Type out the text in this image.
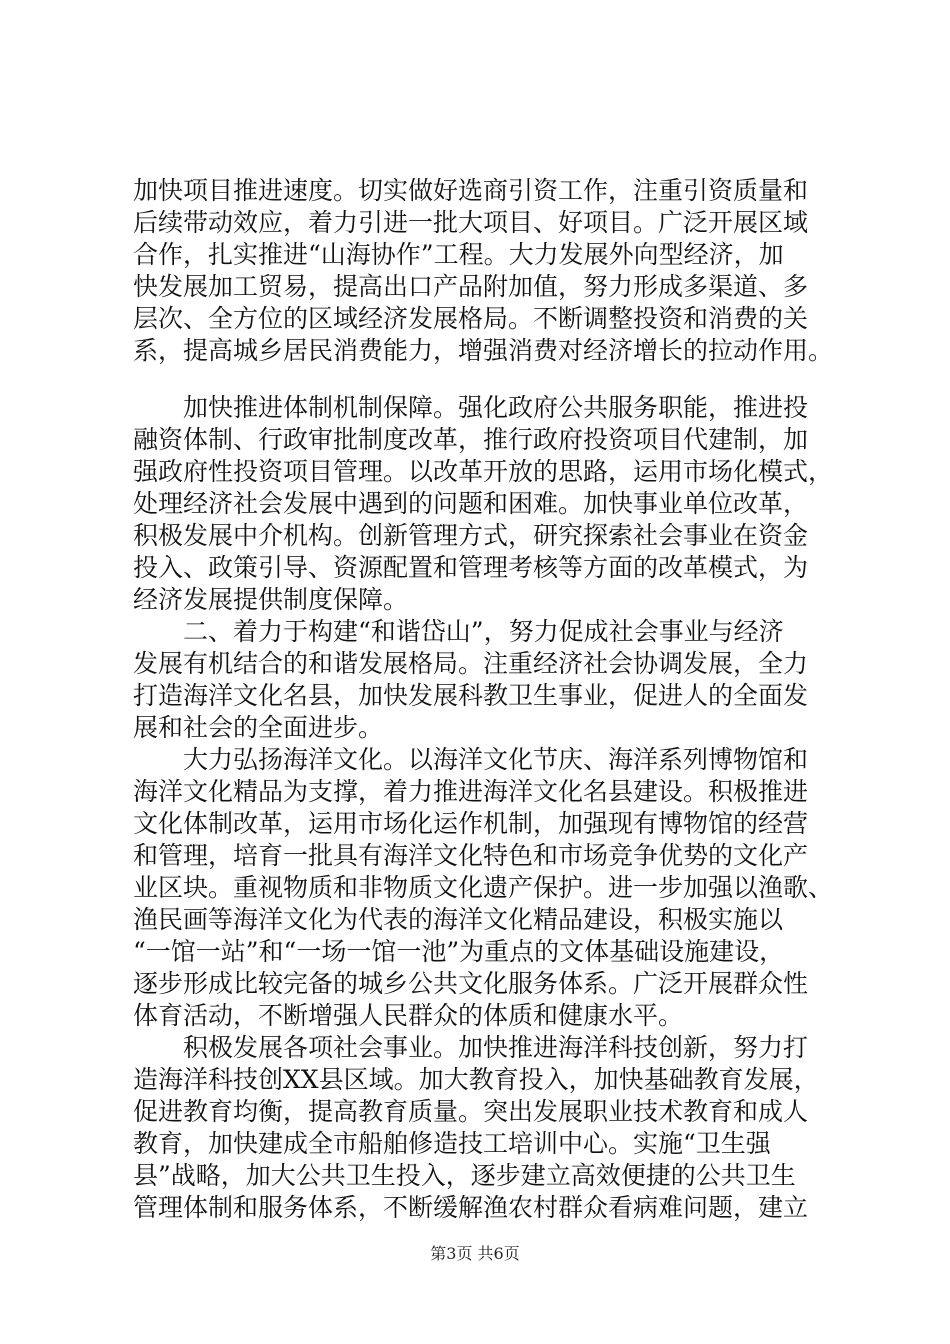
加快项目推进速度。切实做好选商引资工作，注重引资质量和
后续带动效应，着力引进一批大项目、好项目。广泛开展区域
合作，扎实推进“山海协作”工程。大力发展外向型经济，加
快发展加工贸易，提高出口产品附加值，努力形成多渠道、多
层次、全方位的区域经济发展格局。不断调整投资和消费的关
系，提高城乡居民消费能力，增强消费对经济增长的拉动作用。
　　加快推进体制机制保障。强化政府公共服务职能，推进投
融资体制、行政审批制度改革，推行政府投资项目代建制，加
强政府性投资项目管理。以改革开放的思路，运用市场化模式，
处理经济社会发展中遇到的问题和困难。加快事业单位改革，
积极发展中介机构。创新管理方式，研究探索社会事业在资金
投入、政策引导、资源配置和管理考核等方面的改革模式，为
经济发展提供制度保障。
　　二、着力于构建“和谐岱山”，努力促成社会事业与经济
发展有机结合的和谐发展格局。注重经济社会协调发展，全力
打造海洋文化名县，加快发展科教卫生事业，促进人的全面发
展和社会的全面进步。
　　大力弘扬海洋文化。以海洋文化节庆、海洋系列博物馆和
海洋文化精品为支撑，着力推进海洋文化名县建设。积极推进
文化体制改革，运用市场化运作机制，加强现有博物馆的经营
和管理，培育一批具有海洋文化特色和市场竞争优势的文化产
业区块。重视物质和非物质文化遗产保护。进一步加强以渔歌、
渔民画等海洋文化为代表的海洋文化精品建设，积极实施以
“一馆一站”和“一场一馆一池”为重点的文体基础设施建设，
逐步形成比较完备的城乡公共文化服务体系。广泛开展群众性
体育活动，不断增强人民群众的体质和健康水平。
　　积极发展各项社会事业。加快推进海洋科技创新，努力打
造海洋科技创XX县区域。加大教育投入，加快基础教育发展，
促进教育均衡，提高教育质量。突出发展职业技术教育和成人
教育，加快建成全市船舶修造技工培训中心。实施“卫生强
县”战略，加大公共卫生投入，逐步建立高效便捷的公共卫生
管理体制和服务体系，不断缓解渔农村群众看病难问题，建立
第3页 共6页
